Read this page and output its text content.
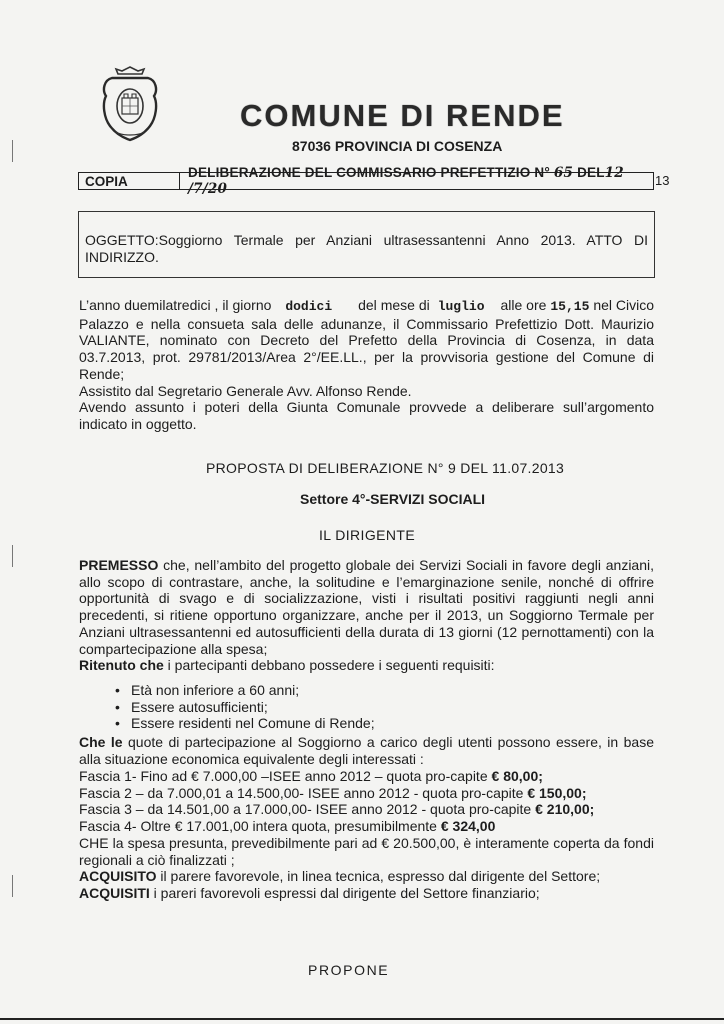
COMUNE DI RENDE
87036 PROVINCIA DI COSENZA
COPIA
DELIBERAZIONE DEL COMMISSARIO PREFETTIZIO N° 65 DEL12 /7/20
13
OGGETTO:Soggiorno Termale per Anziani ultrasessantenni Anno 2013. ATTO DI INDIRIZZO.
L’anno duemilatredici , il giorno dodici del mese di luglio alle ore 15,15 nel Civico Palazzo e nella consueta sala delle adunanze, il Commissario Prefettizio Dott. Maurizio VALIANTE, nominato con Decreto del Prefetto della Provincia di Cosenza, in data 03.7.2013, prot. 29781/2013/Area 2°/EE.LL., per la provvisoria gestione del Comune di Rende;
Assistito dal Segretario Generale Avv. Alfonso Rende.
Avendo assunto i poteri della Giunta Comunale provvede a deliberare sull’argomento indicato in oggetto.
PROPOSTA DI DELIBERAZIONE N° 9 DEL 11.07.2013
Settore 4°-SERVIZI SOCIALI
IL DIRIGENTE
PREMESSO che, nell’ambito del progetto globale dei Servizi Sociali in favore degli anziani, allo scopo di contrastare, anche, la solitudine e l’emarginazione senile, nonché di offrire opportunità di svago e di socializzazione, visti i risultati positivi raggiunti negli anni precedenti, si ritiene opportuno organizzare, anche per il 2013, un Soggiorno Termale per Anziani ultrasessantenni ed autosufficienti della durata di 13 giorni (12 pernottamenti) con la compartecipazione alla spesa;
Ritenuto che i partecipanti debbano possedere i seguenti requisiti:
• Età non inferiore a 60 anni;
• Essere autosufficienti;
• Essere residenti nel Comune di Rende;
Che le quote di partecipazione al Soggiorno a carico degli utenti possono essere, in base alla situazione economica equivalente degli interessati :
Fascia 1- Fino ad € 7.000,00 –ISEE anno 2012 – quota pro-capite € 80,00;
Fascia 2 – da 7.000,01 a 14.500,00- ISEE anno 2012 - quota pro-capite € 150,00;
Fascia 3 – da 14.501,00 a 17.000,00- ISEE anno 2012 - quota pro-capite € 210,00;
Fascia 4- Oltre € 17.001,00 intera quota, presumibilmente € 324,00
CHE la spesa presunta, prevedibilmente pari ad € 20.500,00, è interamente coperta da fondi regionali a ciò finalizzati ;
ACQUISITO il parere favorevole, in linea tecnica, espresso dal dirigente del Settore;
ACQUISITI i pareri favorevoli espressi dal dirigente del Settore finanziario;
PROPONE
